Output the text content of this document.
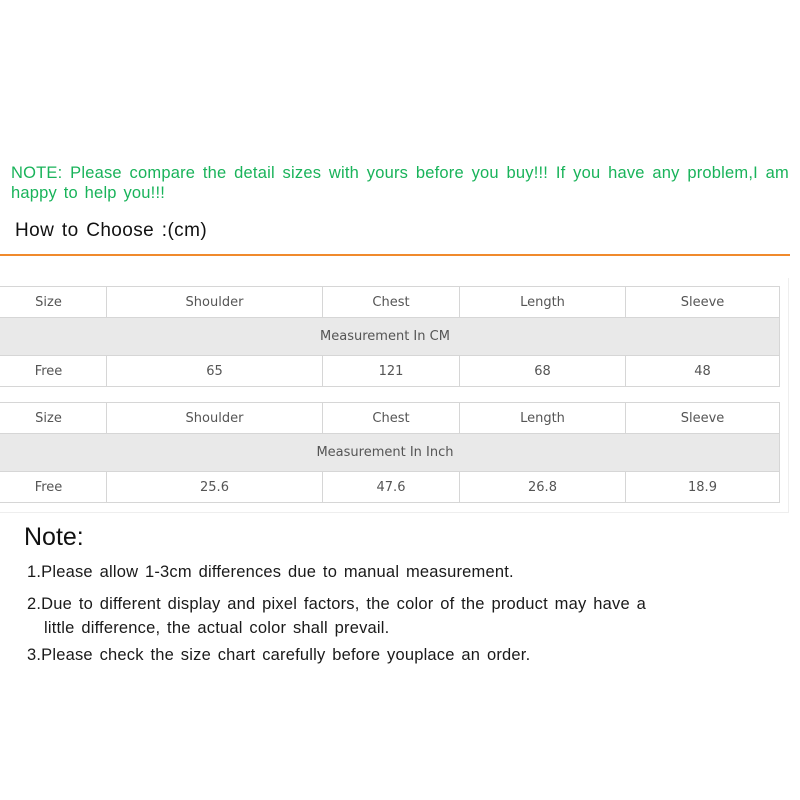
NOTE: Please compare the detail sizes with yours before you buy!!! If you have any problem,I am happy to help you!!!
How to Choose :(cm)
Size	Shoulder	Chest	Length	Sleeve
Measurement In CM				
Free	65	121	68	48
Size	Shoulder	Chest	Length	Sleeve
Measurement In Inch				
Free	25.6	47.6	26.8	18.9
Note:
1.Please allow 1-3cm differences due to manual measurement.
2.Due to different display and pixel factors, the color of the product may have a
little difference, the actual color shall prevail.
3.Please check the size chart carefully before youplace an order.
